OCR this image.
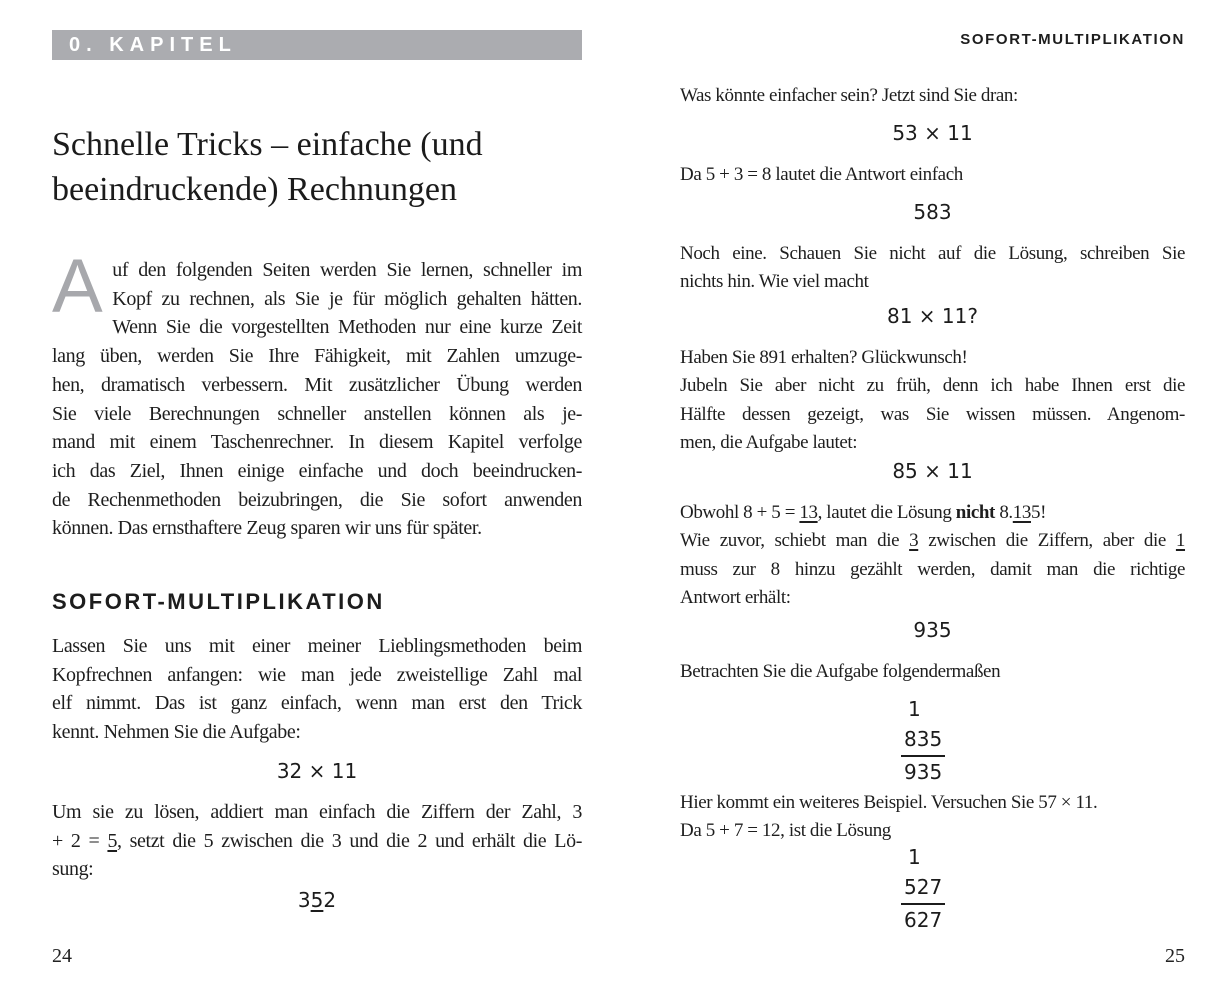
0. KAPITEL
Schnelle Tricks – einfache (und
beeindruckende) Rechnungen
A uf den folgenden Seiten werden Sie lernen, schneller im
Kopf zu rechnen, als Sie je für möglich gehalten hätten.
Wenn Sie die vorgestellten Methoden nur eine kurze Zeit
lang üben, werden Sie Ihre Fähigkeit, mit Zahlen umzuge-
hen, dramatisch verbessern. Mit zusätzlicher Übung werden
Sie viele Berechnungen schneller anstellen können als je-
mand mit einem Taschenrechner. In diesem Kapitel verfolge
ich das Ziel, Ihnen einige einfache und doch beeindrucken-
de Rechenmethoden beizubringen, die Sie sofort anwenden
können. Das ernsthaftere Zeug sparen wir uns für später.
SOFORT-MULTIPLIKATION
Lassen Sie uns mit einer meiner Lieblingsmethoden beim
Kopfrechnen anfangen: wie man jede zweistellige Zahl mal
elf nimmt. Das ist ganz einfach, wenn man erst den Trick
kennt. Nehmen Sie die Aufgabe:
32 × 11
Um sie zu lösen, addiert man einfach die Ziffern der Zahl, 3
+ 2 = 5, setzt die 5 zwischen die 3 und die 2 und erhält die Lö-
sung:
352
24
SOFORT-MULTIPLIKATION
Was könnte einfacher sein? Jetzt sind Sie dran:
53 × 11
Da 5 + 3 = 8 lautet die Antwort einfach
583
Noch eine. Schauen Sie nicht auf die Lösung, schreiben Sie
nichts hin. Wie viel macht
81 × 11?
Haben Sie 891 erhalten? Glückwunsch!
Jubeln Sie aber nicht zu früh, denn ich habe Ihnen erst die
Hälfte dessen gezeigt, was Sie wissen müssen. Angenom-
men, die Aufgabe lautet:
85 × 11
Obwohl 8 + 5 = 13, lautet die Lösung nicht 8.135!
Wie zuvor, schiebt man die 3 zwischen die Ziffern, aber die 1
muss zur 8 hinzu gezählt werden, damit man die richtige
Antwort erhält:
935
Betrachten Sie die Aufgabe folgendermaßen
1
835
935
Hier kommt ein weiteres Beispiel. Versuchen Sie 57 × 11.
Da 5 + 7 = 12, ist die Lösung
1
527
627
25
